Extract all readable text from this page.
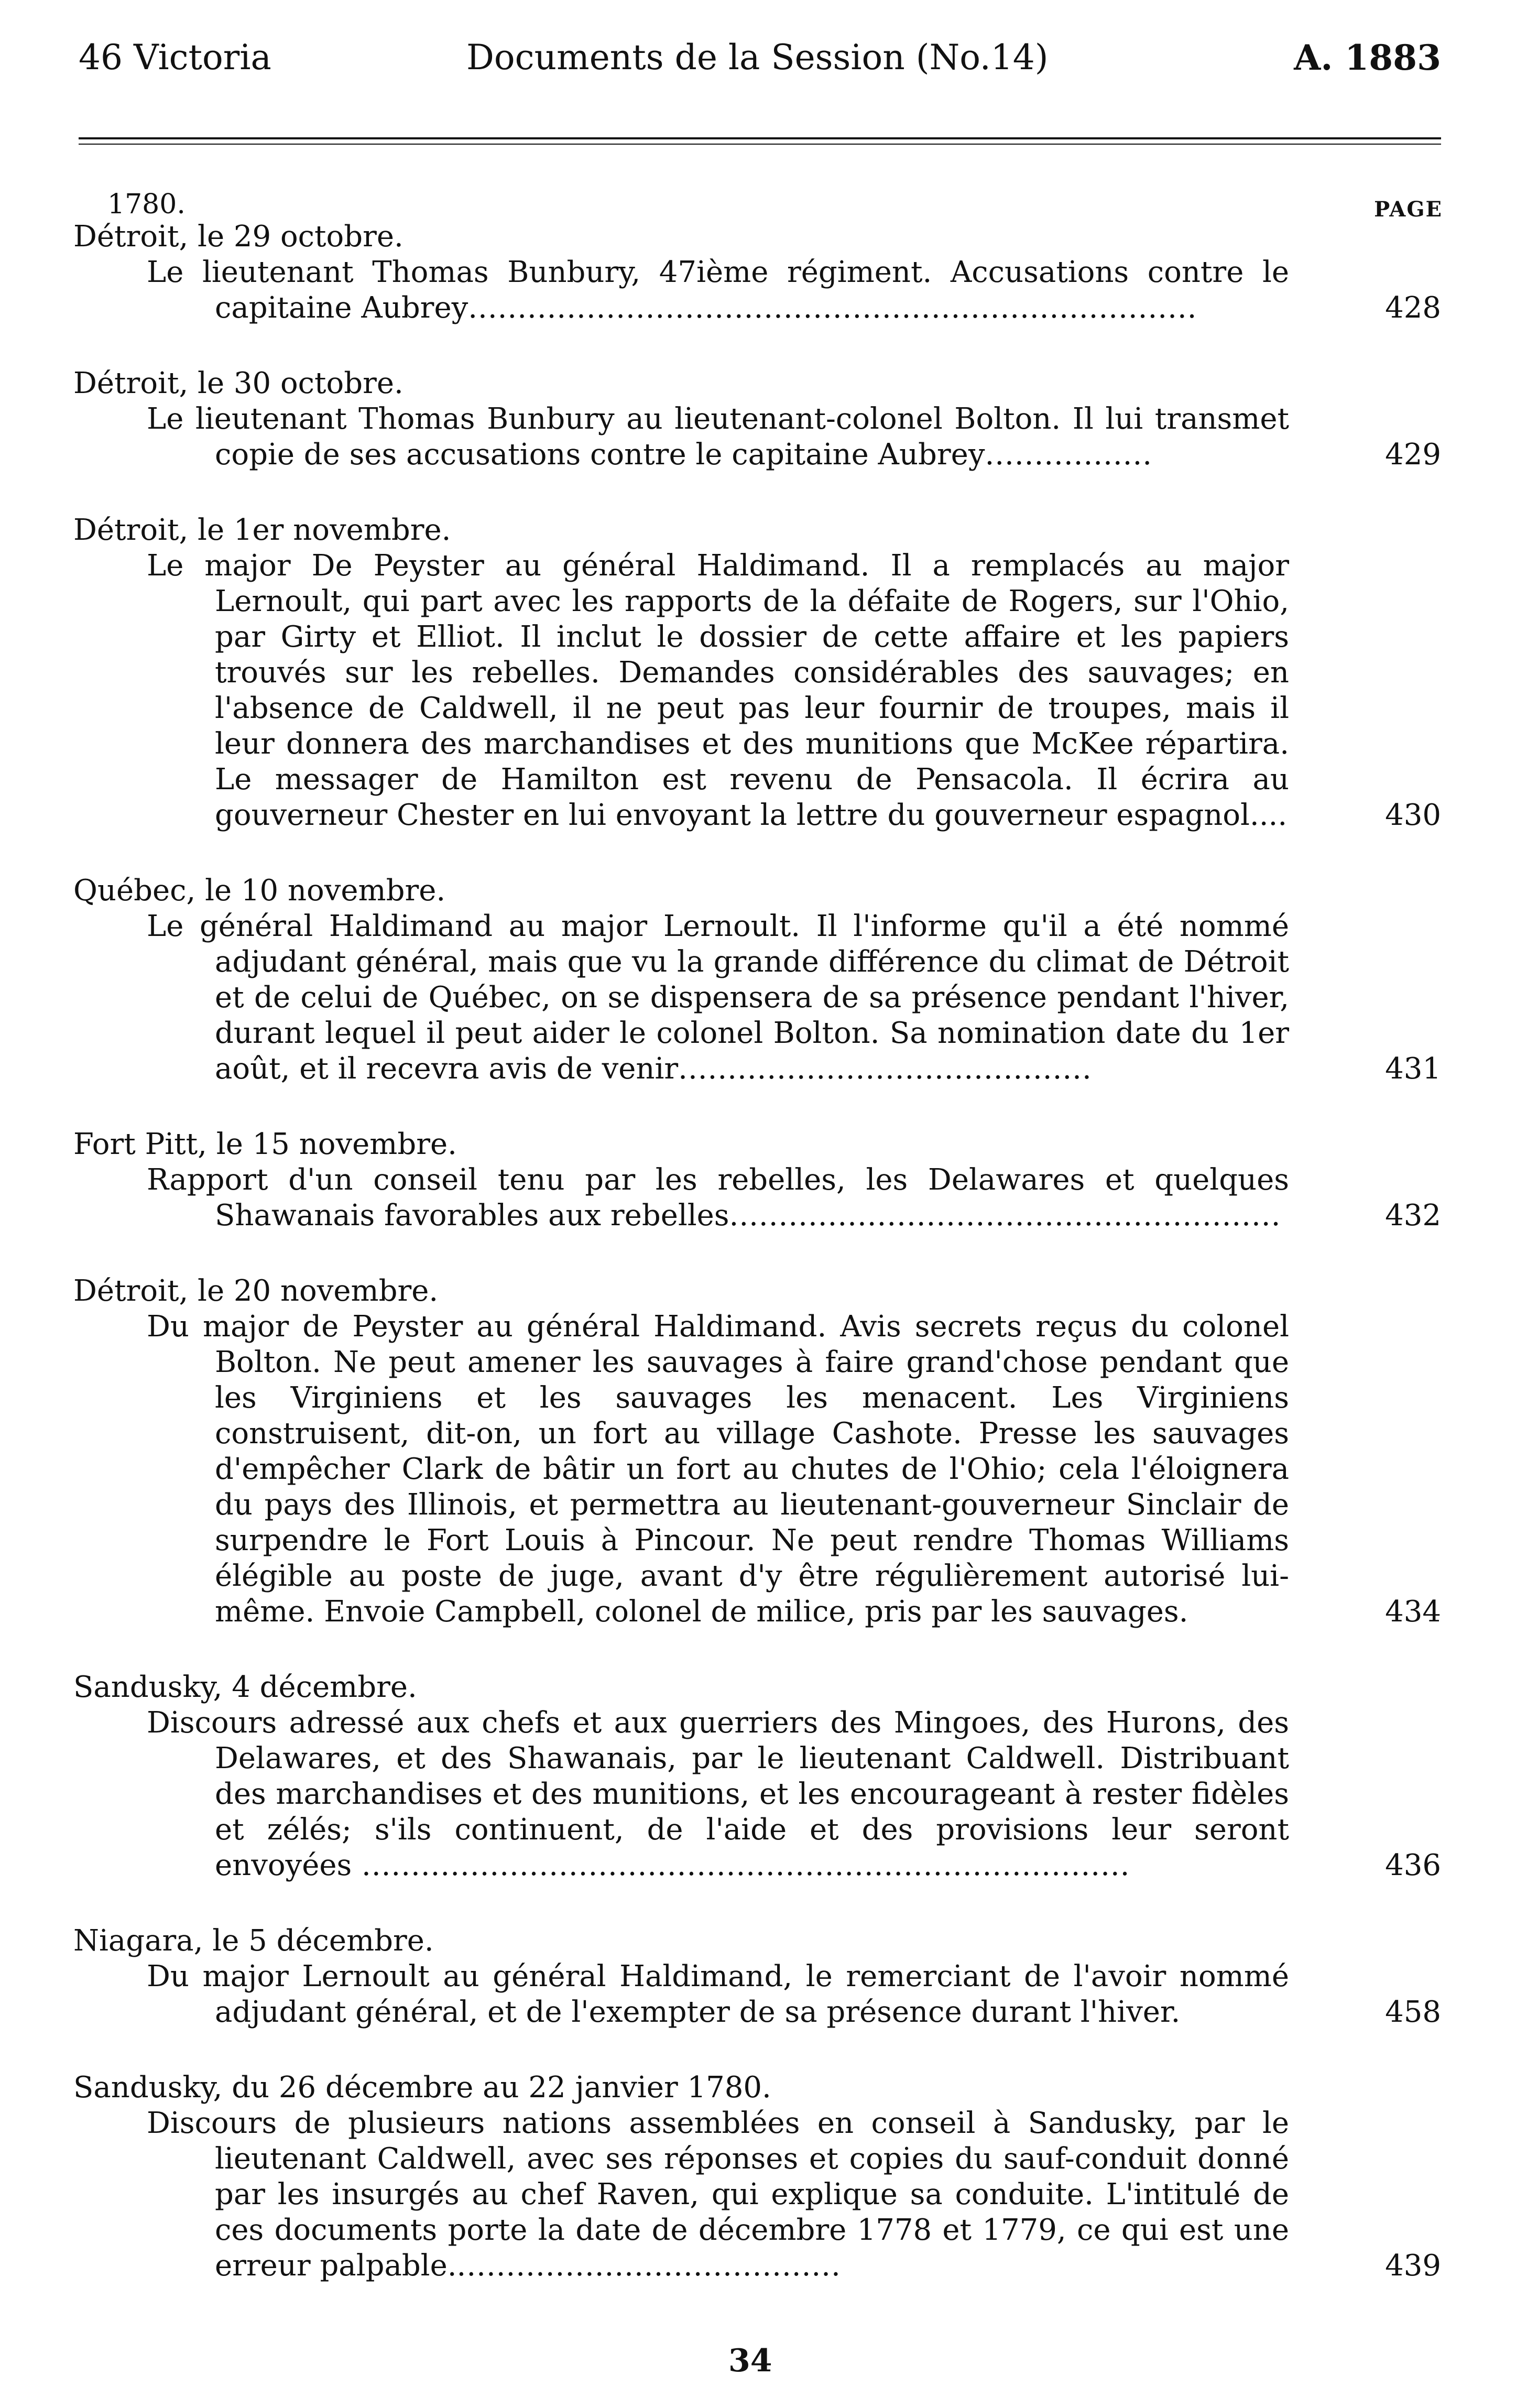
46 Victoria	Documents de la Session (No.14)	A. 1883
1780.	PAGE
Détroit, le 29 octobre.
Le lieutenant Thomas Bunbury, 47ième régiment. Accusations contre le capitaine Aubrey..........................................................................	428
Détroit, le 30 octobre.
Le lieutenant Thomas Bunbury au lieutenant-colonel Bolton. Il lui transmet copie de ses accusations contre le capitaine Aubrey.................	429
Détroit, le 1er novembre.
Le major De Peyster au général Haldimand. Il a remplacés au major Lernoult, qui part avec les rapports de la défaite de Rogers, sur l'Ohio, par Girty et Elliot. Il inclut le dossier de cette affaire et les papiers trouvés sur les rebelles. Demandes considérables des sauvages; en l'absence de Caldwell, il ne peut pas leur fournir de troupes, mais il leur donnera des marchandises et des munitions que McKee répartira. Le messager de Hamilton est revenu de Pensacola. Il écrira au gouverneur Chester en lui envoyant la lettre du gouverneur espagnol....	430
Québec, le 10 novembre.
Le général Haldimand au major Lernoult. Il l'informe qu'il a été nommé adjudant général, mais que vu la grande différence du climat de Détroit et de celui de Québec, on se dispensera de sa présence pendant l'hiver, durant lequel il peut aider le colonel Bolton. Sa nomination date du 1er août, et il recevra avis de venir..........................................	431
Fort Pitt, le 15 novembre.
Rapport d'un conseil tenu par les rebelles, les Delawares et quelques Shawanais favorables aux rebelles........................................................	432
Détroit, le 20 novembre.
Du major de Peyster au général Haldimand. Avis secrets reçus du colonel Bolton. Ne peut amener les sauvages à faire grand'chose pendant que les Virginiens et les sauvages les menacent. Les Virginiens construisent, dit-on, un fort au village Cashote. Presse les sauvages d'empêcher Clark de bâtir un fort au chutes de l'Ohio; cela l'éloignera du pays des Illinois, et permettra au lieutenant-gouverneur Sinclair de surpendre le Fort Louis à Pincour. Ne peut rendre Thomas Williams élégible au poste de juge, avant d'y être régulièrement autorisé lui-même. Envoie Campbell, colonel de milice, pris par les sauvages.	434
Sandusky, 4 décembre.
Discours adressé aux chefs et aux guerriers des Mingoes, des Hurons, des Delawares, et des Shawanais, par le lieutenant Caldwell. Distribuant des marchandises et des munitions, et les encourageant à rester fidèles et zélés; s'ils continuent, de l'aide et des provisions leur seront envoyées ..............................................................................	436
Niagara, le 5 décembre.
Du major Lernoult au général Haldimand, le remerciant de l'avoir nommé adjudant général, et de l'exempter de sa présence durant l'hiver.	458
Sandusky, du 26 décembre au 22 janvier 1780.
Discours de plusieurs nations assemblées en conseil à Sandusky, par le lieutenant Caldwell, avec ses réponses et copies du sauf-conduit donné par les insurgés au chef Raven, qui explique sa conduite. L'intitulé de ces documents porte la date de décembre 1778 et 1779, ce qui est une erreur palpable........................................	439
34
